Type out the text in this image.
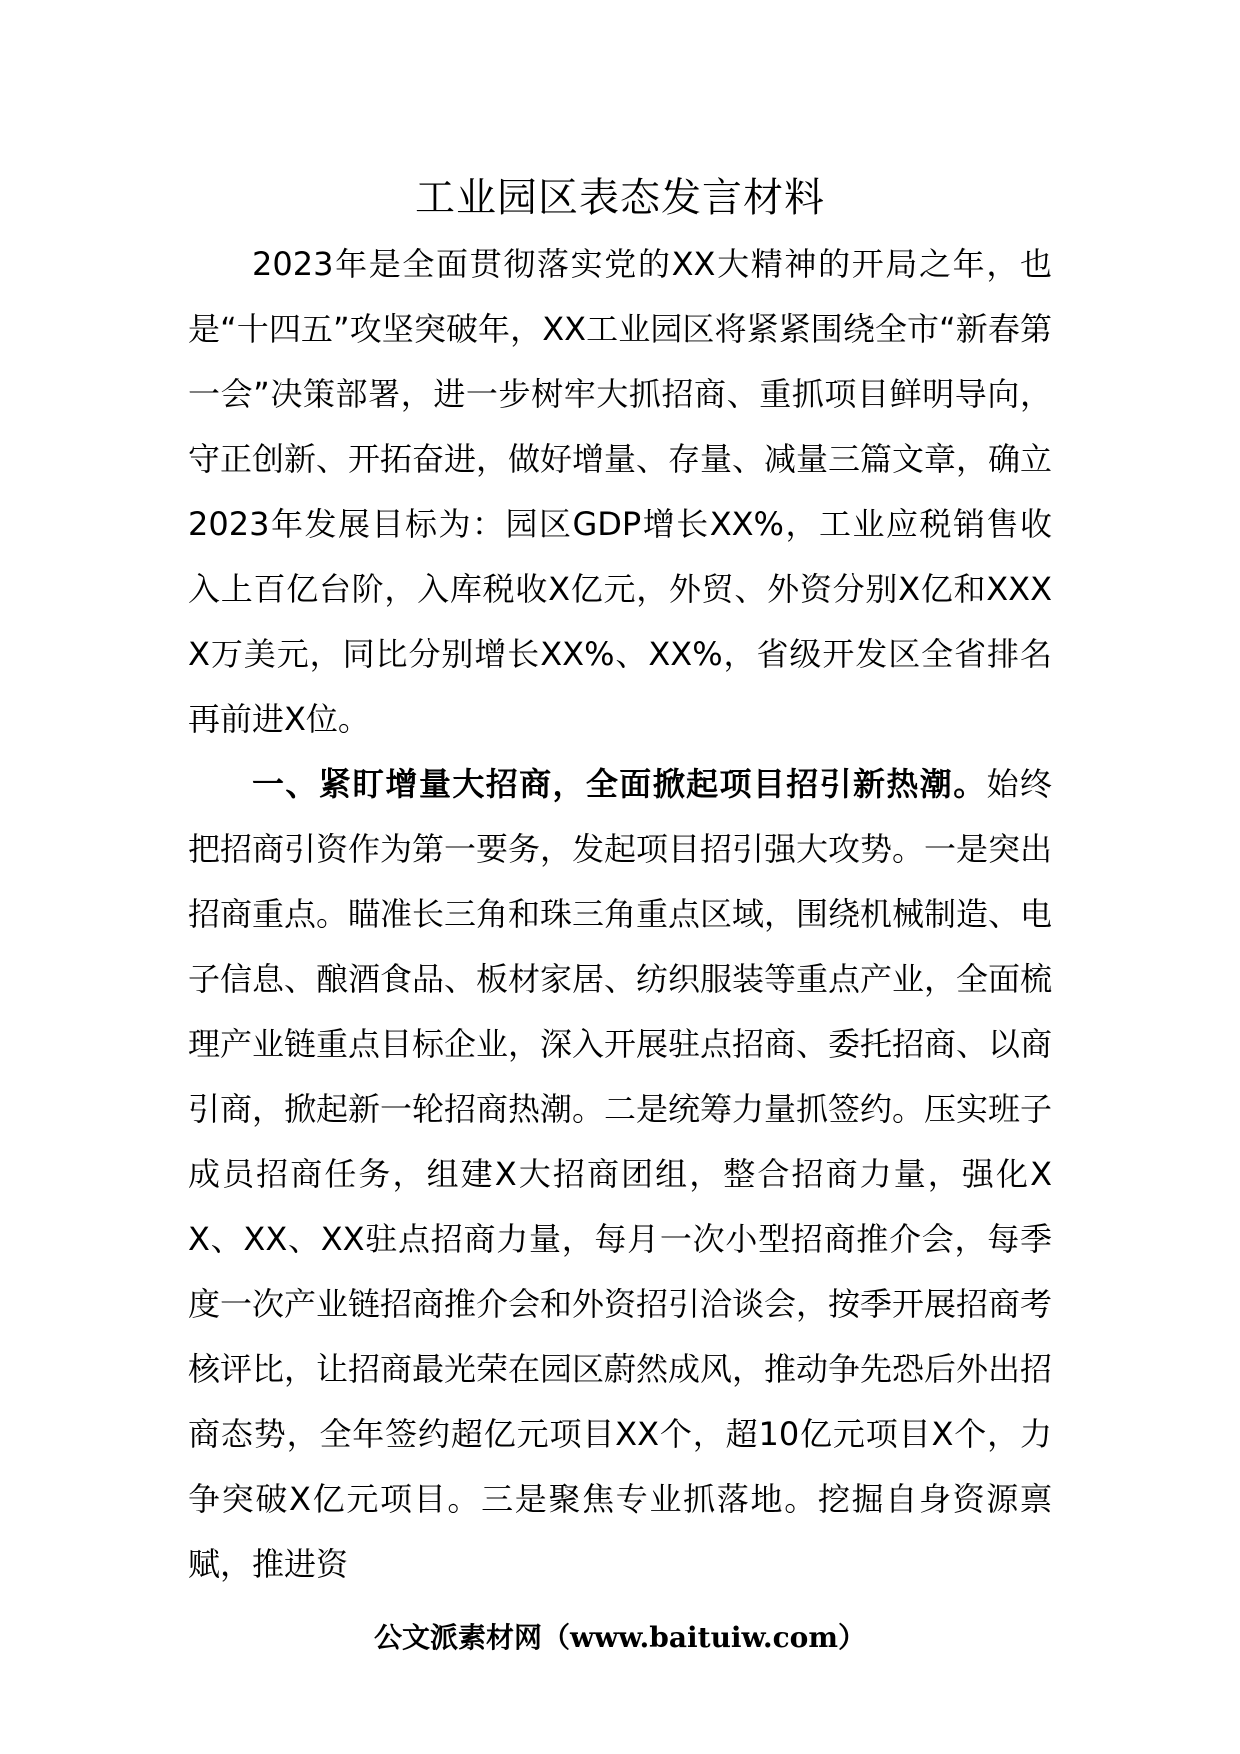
工业园区表态发言材料

2023年是全面贯彻落实党的XX大精神的开局之年，也是“十四五”攻坚突破年，XX工业园区将紧紧围绕全市“新春第一会”决策部署，进一步树牢大抓招商、重抓项目鲜明导向，守正创新、开拓奋进，做好增量、存量、减量三篇文章，确立2023年发展目标为：园区GDP增长XX%，工业应税销售收入上百亿台阶，入库税收X亿元，外贸、外资分别X亿和XXXX万美元，同比分别增长XX%、XX%，省级开发区全省排名再前进X位。

一、紧盯增量大招商，全面掀起项目招引新热潮。始终把招商引资作为第一要务，发起项目招引强大攻势。一是突出招商重点。瞄准长三角和珠三角重点区域，围绕机械制造、电子信息、酿酒食品、板材家居、纺织服装等重点产业，全面梳理产业链重点目标企业，深入开展驻点招商、委托招商、以商引商，掀起新一轮招商热潮。二是统筹力量抓签约。压实班子成员招商任务，组建X大招商团组，整合招商力量，强化XX、XX、XX驻点招商力量，每月一次小型招商推介会，每季度一次产业链招商推介会和外资招引洽谈会，按季开展招商考核评比，让招商最光荣在园区蔚然成风，推动争先恐后外出招商态势，全年签约超亿元项目XX个，超10亿元项目X个，力争突破X亿元项目。三是聚焦专业抓落地。挖掘自身资源禀赋，推进资

公文派素材网（www.baituiw.com）
